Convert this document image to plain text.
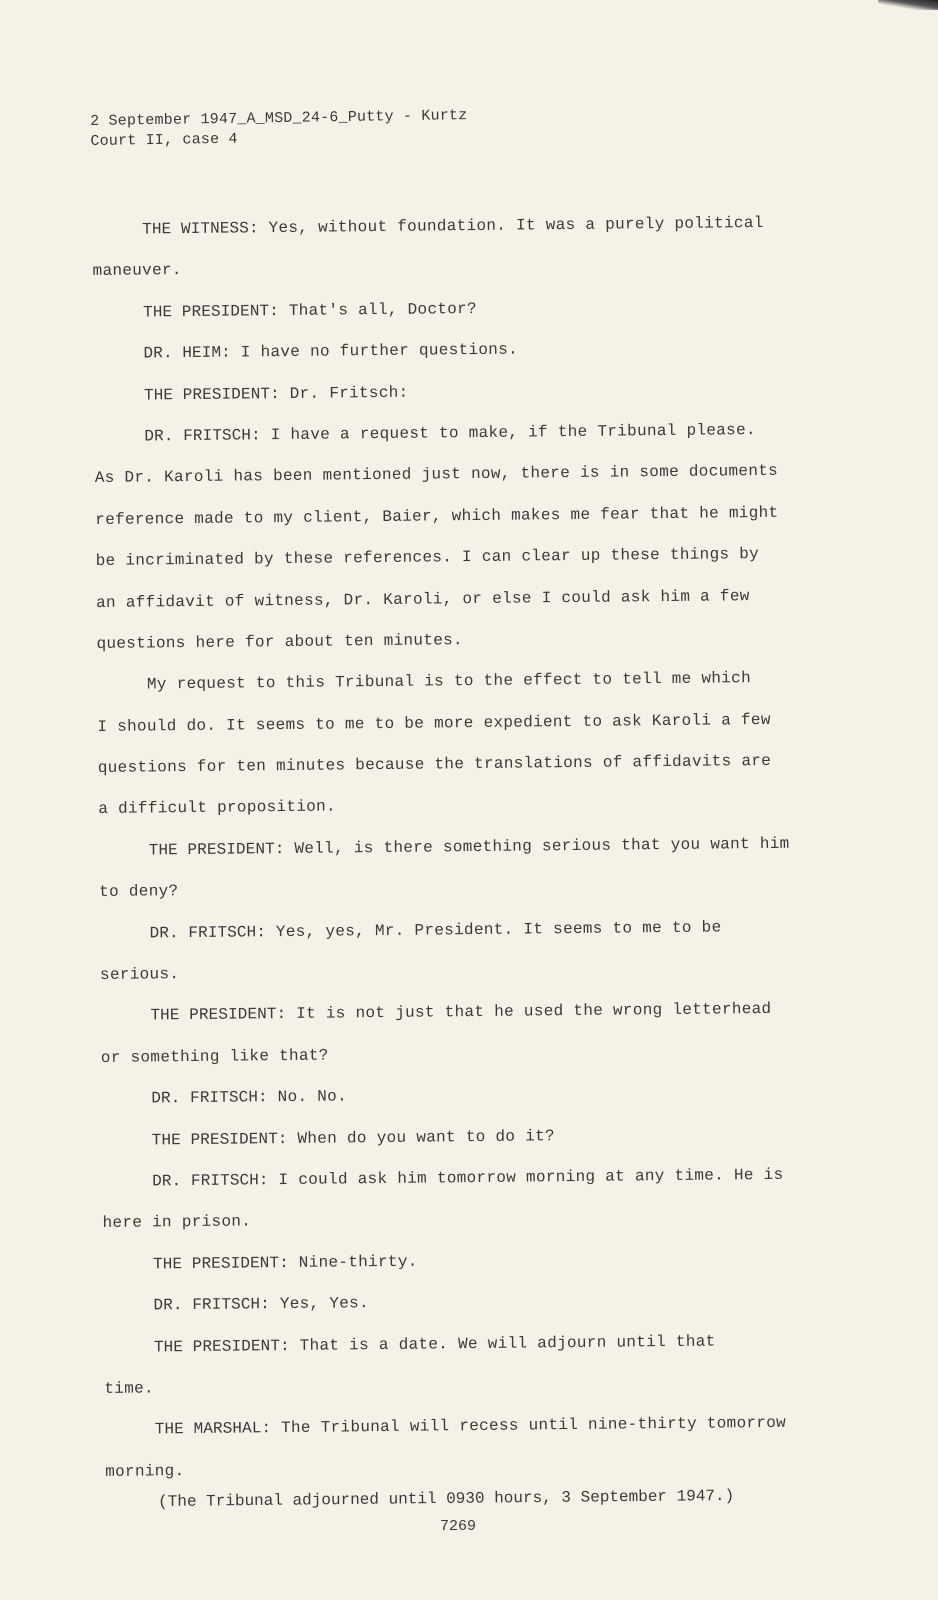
2 September 1947_A_MSD_24-6_Putty - Kurtz
Court II, case 4
THE WITNESS: Yes, without foundation. It was a purely political
maneuver.
THE PRESIDENT: That's all, Doctor?
DR. HEIM: I have no further questions.
THE PRESIDENT: Dr. Fritsch:
DR. FRITSCH: I have a request to make, if the Tribunal please.
As Dr. Karoli has been mentioned just now, there is in some documents
reference made to my client, Baier, which makes me fear that he might
be incriminated by these references. I can clear up these things by
an affidavit of witness, Dr. Karoli, or else I could ask him a few
questions here for about ten minutes.
My request to this Tribunal is to the effect to tell me which
I should do. It seems to me to be more expedient to ask Karoli a few
questions for ten minutes because the translations of affidavits are
a difficult proposition.
THE PRESIDENT: Well, is there something serious that you want him
to deny?
DR. FRITSCH: Yes, yes, Mr. President. It seems to me to be
serious.
THE PRESIDENT: It is not just that he used the wrong letterhead
or something like that?
DR. FRITSCH: No. No.
THE PRESIDENT: When do you want to do it?
DR. FRITSCH: I could ask him tomorrow morning at any time. He is
here in prison.
THE PRESIDENT: Nine-thirty.
DR. FRITSCH: Yes, Yes.
THE PRESIDENT: That is a date. We will adjourn until that
time.
THE MARSHAL: The Tribunal will recess until nine-thirty tomorrow
morning.
(The Tribunal adjourned until 0930 hours, 3 September 1947.)
7269
